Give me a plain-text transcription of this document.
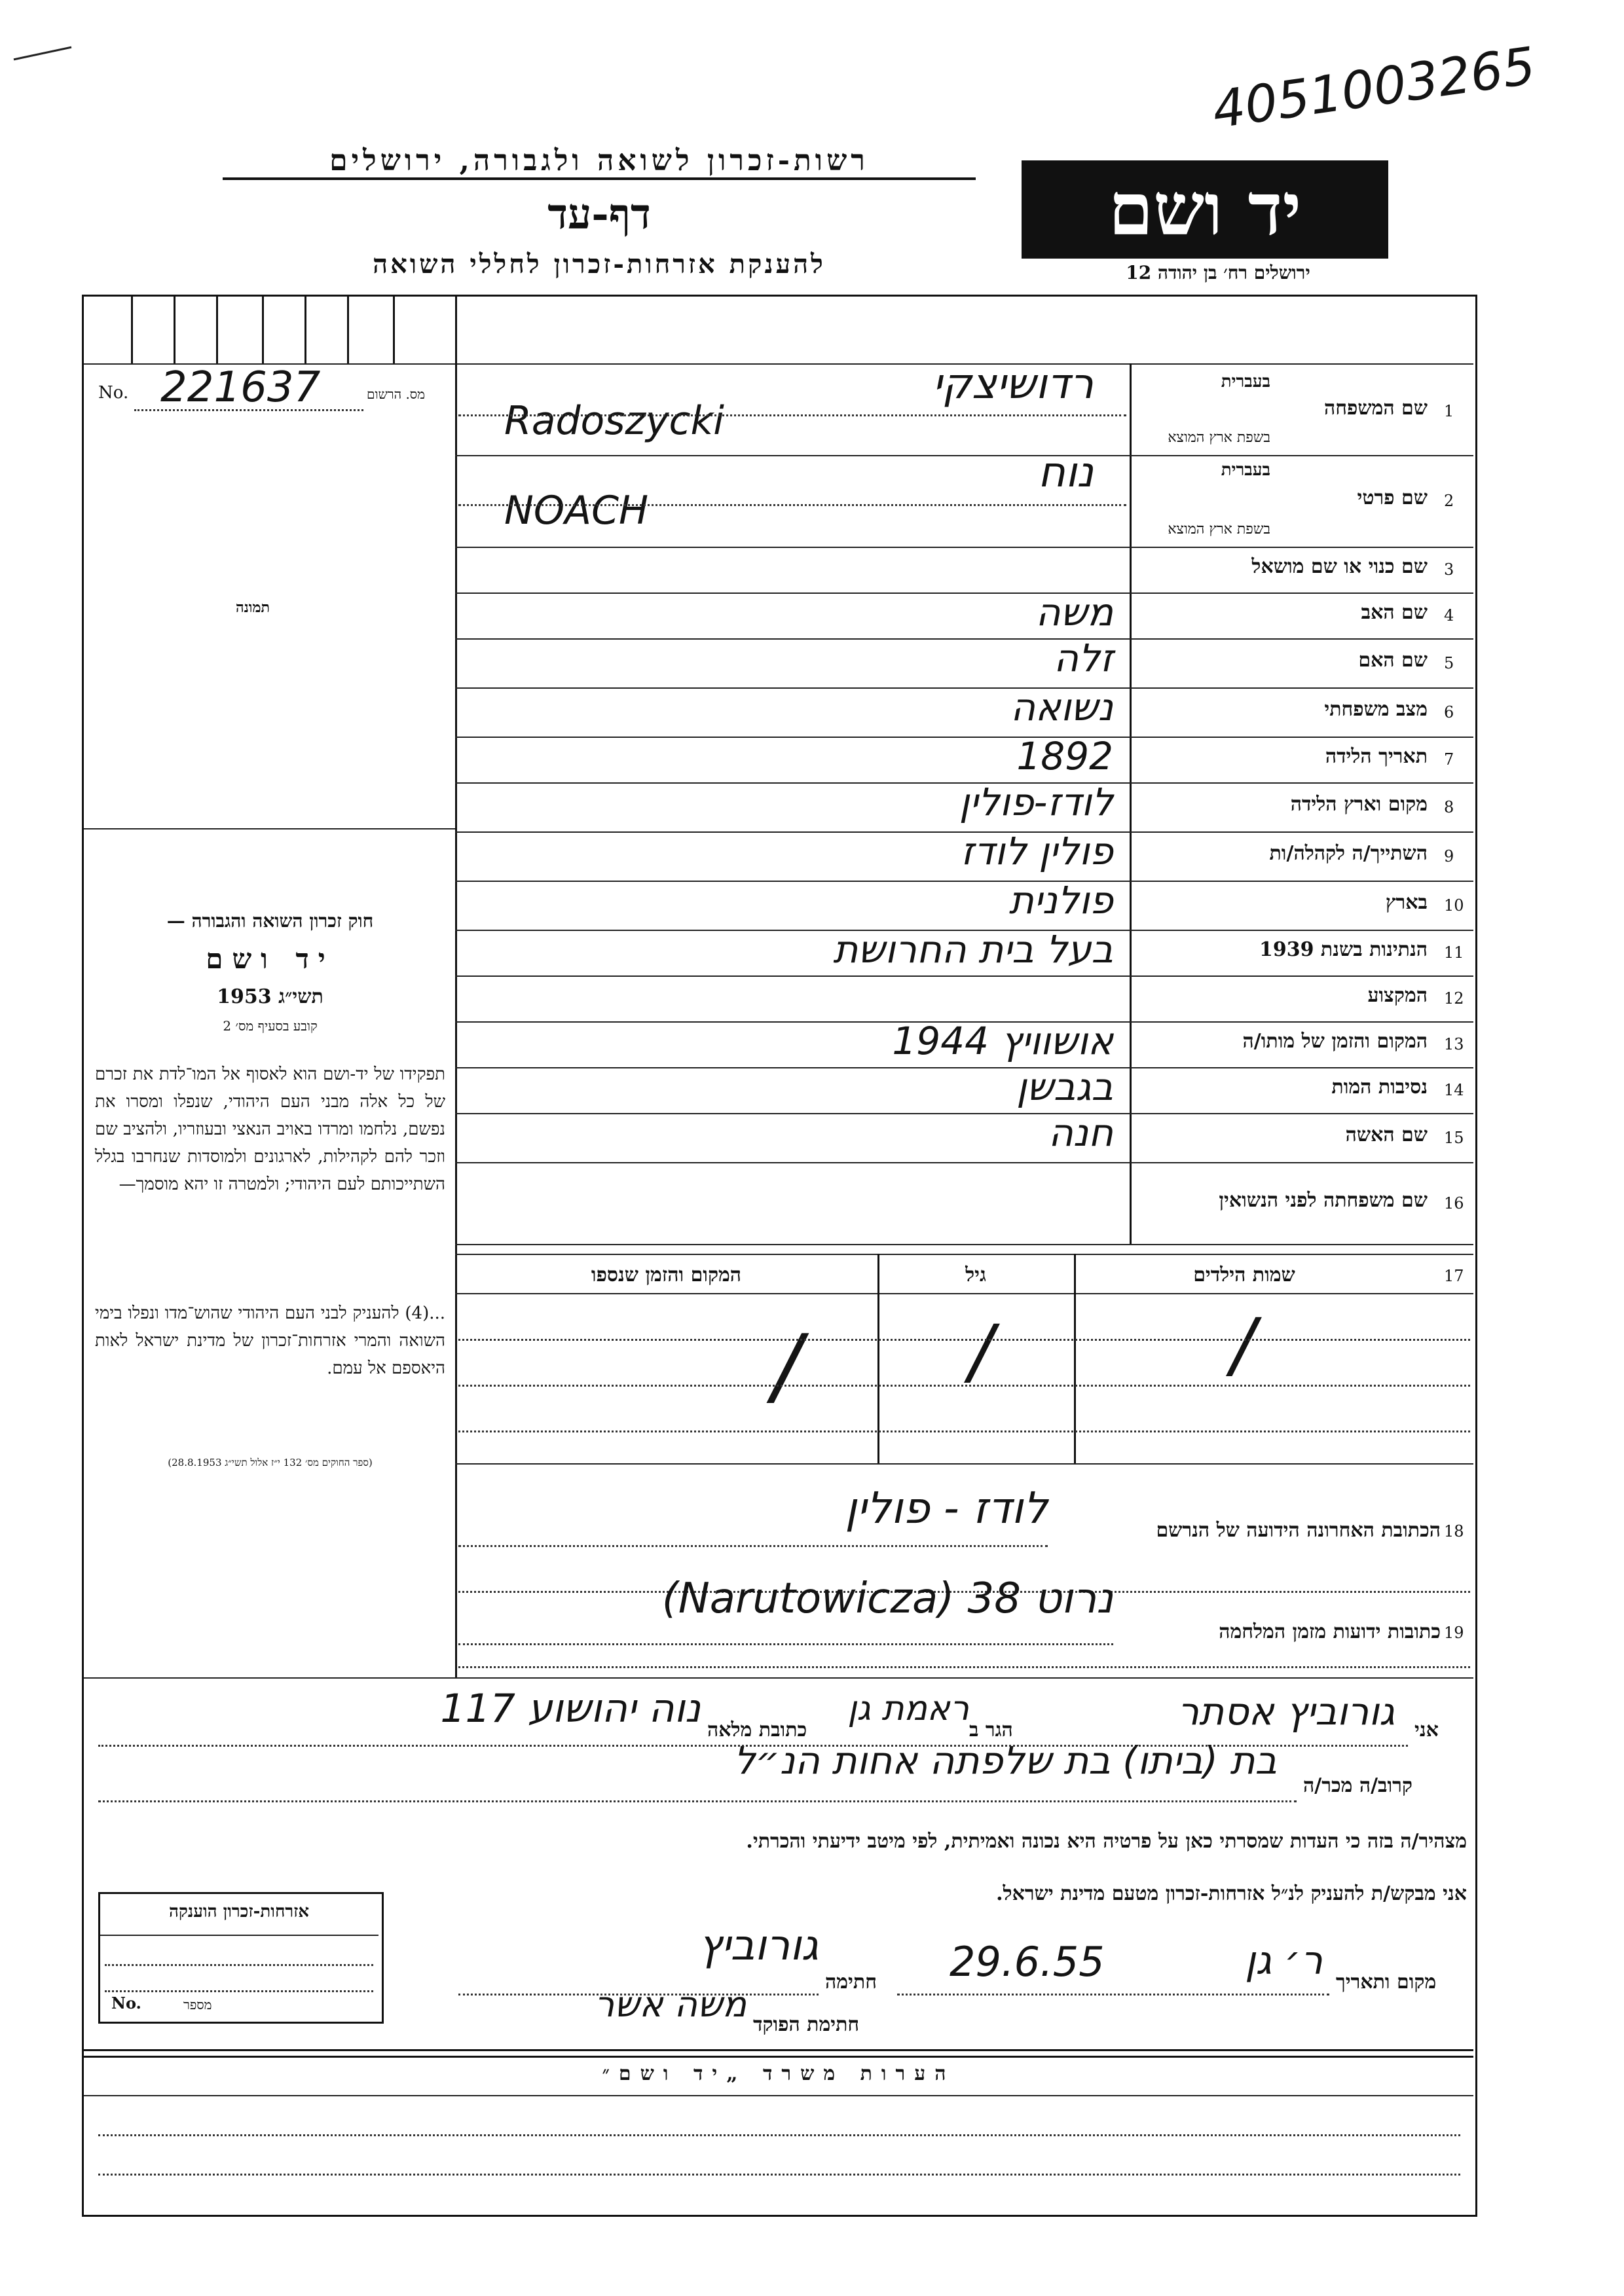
4051003265
רשות-זכרון לשואה ולגבורה, ירושלים
דף-עד
להענקת אזרחות-זכרון לחללי השואה
יד ושם
ירושלים רח׳ בן יהודה 12
No. 221637	מס. הרשום
תמונה
חוק זכרון השואה והגבורה —
יד ושם
תשי״ג 1953
קובע בסעיף מס׳ 2
תפקידו של יד-ושם הוא לאסוף אל המו־לדת את זכרם של כל אלה מבני העם היהודי, שנפלו ומסרו את נפשם, נלחמו ומרדו באויב הנאצי ובעוזריו, ולהציב שם וזכר להם לקהילות, לארגונים ולמוסדות שנחרבו בגלל השתייכותם לעם היהודי; ולמטרה זו יהא מוסמך—
...(4) להעניק לבני העם היהודי שהוש־מדו ונפלו בימי השואה והמרי אזרחות־זכרון של מדינת ישראל לאות היאספם אל עמם.
(ספר החוקים מס׳ 132 י״ז אלול תשי״ג 28.8.1953)
1
שם המשפחה
בעברית
בשפת ארץ המוצא
רדושיצקי
Radoszycki
2
שם פרטי
בעברית
בשפת ארץ המוצא
נוח
NOACH
3
שם כנוי או שם מושאל
4
שם האב
משה
5
שם האם
זלה
6
מצב משפחתי
נשואה
7
תאריך הלידה
1892
8
מקום וארץ הלידה
לודז-פולין
9
השתייך/ה לקהלה/ות
פולין לודז
10
בארץ
פולנית
11
הנתינות בשנת 1939
בעל בית החרושת
12
המקצוע
13
המקום והזמן של מותו/ה
אושוויץ 1944
14
נסיבות המות
בגבשן
15
שם האשה
חנה
16
שם משפחתה לפני הנשואין
17
שמות הילדים
גיל
המקום והזמן שנספו
/
/
/
18
הכתובת האחרונה הידועה של הנרשם
לודז - פולין
19
כתובות ידועות מזמן המלחמה
נרוט 38 (Narutowicza)
אני
גורוביץ אסתר
הגר ב
ראמת גן
כתובת מלאה
נוה יהושוע 117
קרוב/ה מכר/ה
בת (ביתו) בת שלפתה אחות הנ״ל
מצהיר/ה בזה כי העדות שמסרתי כאן על פרטיה היא נכונה ואמיתית, לפי מיטב ידיעתי והכרתי.
אני מבקש/ת להעניק לנ״ל אזרחות-זכרון מטעם מדינת ישראל.
מקום ותאריך
ר׳ גן
29.6.55
חתימה
גורוביץ
חתימת הפוקד
משה אשר
אזרחות-זכרון הוענקה
No.	מספר
הערות משרד „יד ושם״
